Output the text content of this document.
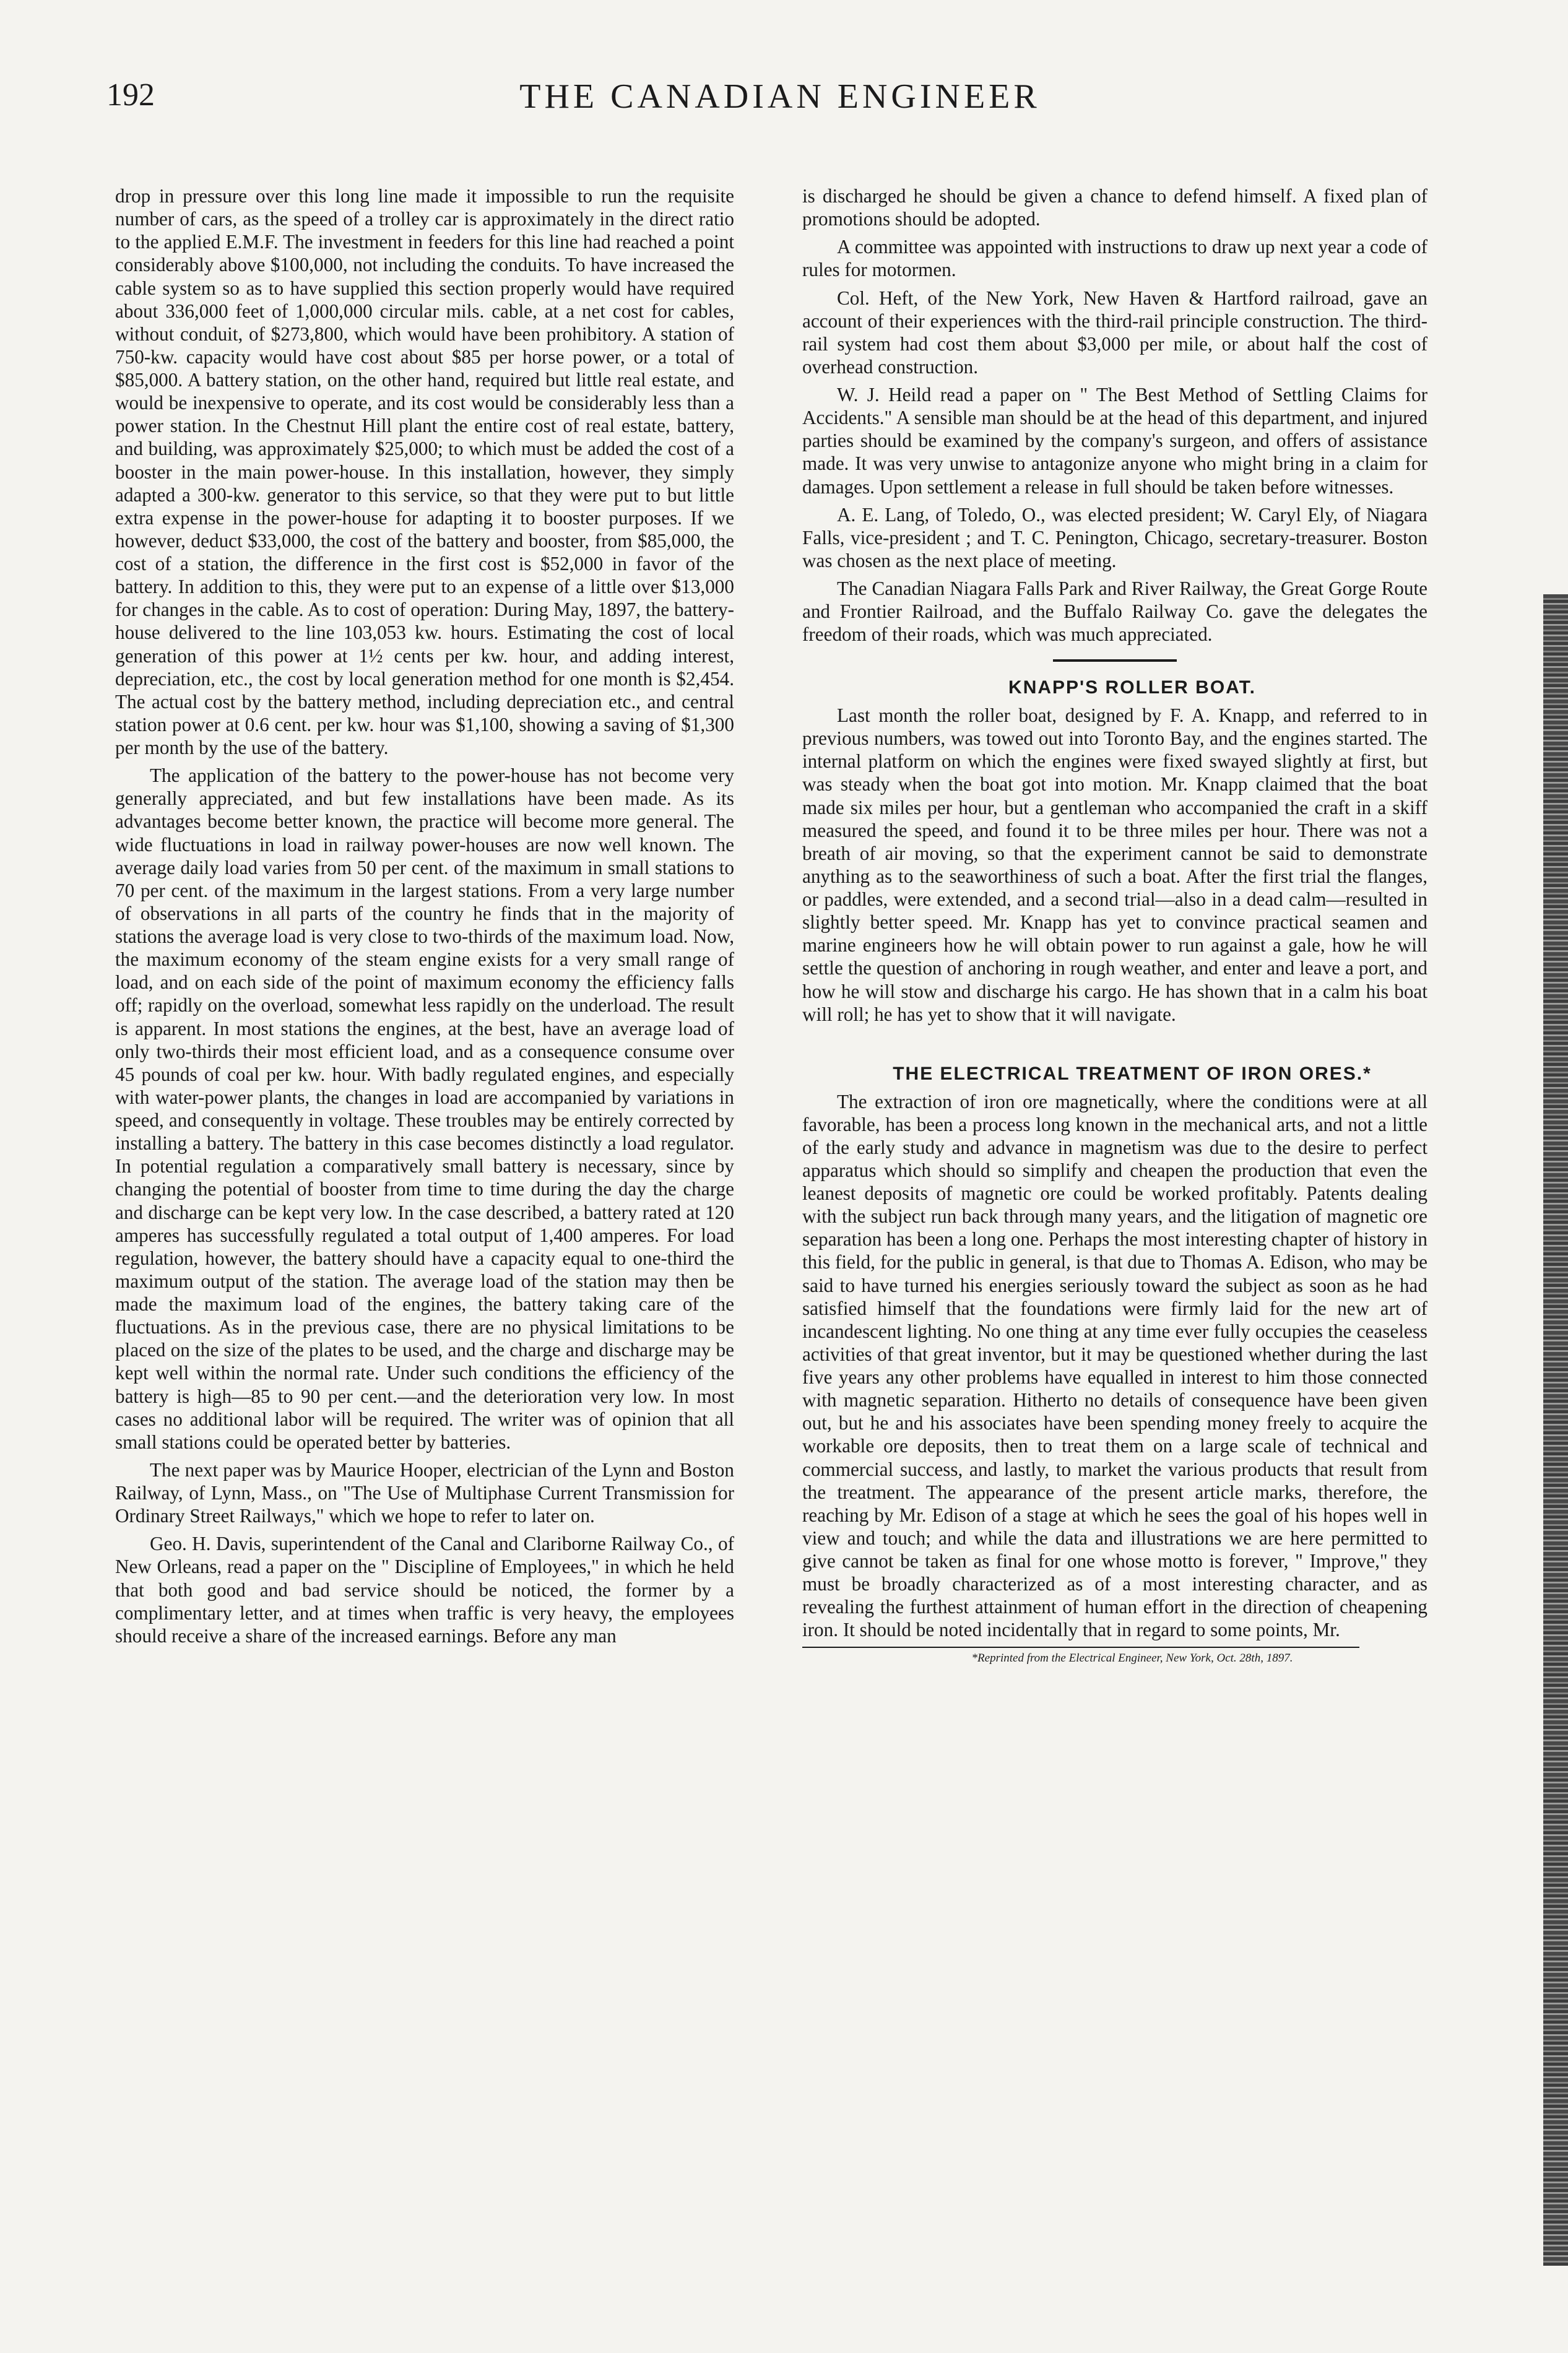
192	THE CANADIAN ENGINEER

drop in pressure over this long line made it impossible to run the requisite number of cars, as the speed of a trolley car is approximately in the direct ratio to the applied E.M.F. The investment in feeders for this line had reached a point considerably above $100,000, not including the conduits. To have increased the cable system so as to have supplied this section properly would have required about 336,000 feet of 1,000,000 circular mils. cable, at a net cost for cables, without conduit, of $273,800, which would have been prohibitory. A station of 750-kw. capacity would have cost about $85 per horse power, or a total of $85,000. A battery station, on the other hand, required but little real estate, and would be inexpensive to operate, and its cost would be considerably less than a power station. In the Chestnut Hill plant the entire cost of real estate, battery, and building, was approximately $25,000; to which must be added the cost of a booster in the main power-house. In this installation, however, they simply adapted a 300-kw. generator to this service, so that they were put to but little extra expense in the power-house for adapting it to booster purposes. If we however, deduct $33,000, the cost of the battery and booster, from $85,000, the cost of a station, the difference in the first cost is $52,000 in favor of the battery. In addition to this, they were put to an expense of a little over $13,000 for changes in the cable. As to cost of operation: During May, 1897, the battery-house delivered to the line 103,053 kw. hours. Estimating the cost of local generation of this power at 1½ cents per kw. hour, and adding interest, depreciation, etc., the cost by local generation method for one month is $2,454. The actual cost by the battery method, including depreciation etc., and central station power at 0.6 cent. per kw. hour was $1,100, showing a saving of $1,300 per month by the use of the battery.

The application of the battery to the power-house has not become very generally appreciated, and but few installations have been made. As its advantages become better known, the practice will become more general. The wide fluctuations in load in railway power-houses are now well known. The average daily load varies from 50 per cent. of the maximum in small stations to 70 per cent. of the maximum in the largest stations. From a very large number of observations in all parts of the country he finds that in the majority of stations the average load is very close to two-thirds of the maximum load. Now, the maximum economy of the steam engine exists for a very small range of load, and on each side of the point of maximum economy the efficiency falls off; rapidly on the overload, somewhat less rapidly on the underload. The result is apparent. In most stations the engines, at the best, have an average load of only two-thirds their most efficient load, and as a consequence consume over 45 pounds of coal per kw. hour. With badly regulated engines, and especially with water-power plants, the changes in load are accompanied by variations in speed, and consequently in voltage. These troubles may be entirely corrected by installing a battery. The battery in this case becomes distinctly a load regulator. In potential regulation a comparatively small battery is necessary, since by changing the potential of booster from time to time during the day the charge and discharge can be kept very low. In the case described, a battery rated at 120 amperes has successfully regulated a total output of 1,400 amperes. For load regulation, however, the battery should have a capacity equal to one-third the maximum output of the station. The average load of the station may then be made the maximum load of the engines, the battery taking care of the fluctuations. As in the previous case, there are no physical limitations to be placed on the size of the plates to be used, and the charge and discharge may be kept well within the normal rate. Under such conditions the efficiency of the battery is high—85 to 90 per cent.—and the deterioration very low. In most cases no additional labor will be required. The writer was of opinion that all small stations could be operated better by batteries.

The next paper was by Maurice Hooper, electrician of the Lynn and Boston Railway, of Lynn, Mass., on "The Use of Multiphase Current Transmission for Ordinary Street Railways," which we hope to refer to later on.

Geo. H. Davis, superintendent of the Canal and Clariborne Railway Co., of New Orleans, read a paper on the " Discipline of Employees," in which he held that both good and bad service should be noticed, the former by a complimentary letter, and at times when traffic is very heavy, the employees should receive a share of the increased earnings. Before any man

is discharged he should be given a chance to defend himself. A fixed plan of promotions should be adopted.

A committee was appointed with instructions to draw up next year a code of rules for motormen.

Col. Heft, of the New York, New Haven & Hartford railroad, gave an account of their experiences with the third-rail principle construction. The third-rail system had cost them about $3,000 per mile, or about half the cost of overhead construction.

W. J. Heild read a paper on " The Best Method of Settling Claims for Accidents." A sensible man should be at the head of this department, and injured parties should be examined by the company's surgeon, and offers of assistance made. It was very unwise to antagonize anyone who might bring in a claim for damages. Upon settlement a release in full should be taken before witnesses.

A. E. Lang, of Toledo, O., was elected president; W. Caryl Ely, of Niagara Falls, vice-president ; and T. C. Penington, Chicago, secretary-treasurer. Boston was chosen as the next place of meeting.

The Canadian Niagara Falls Park and River Railway, the Great Gorge Route and Frontier Railroad, and the Buffalo Railway Co. gave the delegates the freedom of their roads, which was much appreciated.

KNAPP'S ROLLER BOAT.

Last month the roller boat, designed by F. A. Knapp, and referred to in previous numbers, was towed out into Toronto Bay, and the engines started. The internal platform on which the engines were fixed swayed slightly at first, but was steady when the boat got into motion. Mr. Knapp claimed that the boat made six miles per hour, but a gentleman who accompanied the craft in a skiff measured the speed, and found it to be three miles per hour. There was not a breath of air moving, so that the experiment cannot be said to demonstrate anything as to the seaworthiness of such a boat. After the first trial the flanges, or paddles, were extended, and a second trial—also in a dead calm—resulted in slightly better speed. Mr. Knapp has yet to convince practical seamen and marine engineers how he will obtain power to run against a gale, how he will settle the question of anchoring in rough weather, and enter and leave a port, and how he will stow and discharge his cargo. He has shown that in a calm his boat will roll; he has yet to show that it will navigate.

THE ELECTRICAL TREATMENT OF IRON ORES.*

The extraction of iron ore magnetically, where the conditions were at all favorable, has been a process long known in the mechanical arts, and not a little of the early study and advance in magnetism was due to the desire to perfect apparatus which should so simplify and cheapen the production that even the leanest deposits of magnetic ore could be worked profitably. Patents dealing with the subject run back through many years, and the litigation of magnetic ore separation has been a long one. Perhaps the most interesting chapter of history in this field, for the public in general, is that due to Thomas A. Edison, who may be said to have turned his energies seriously toward the subject as soon as he had satisfied himself that the foundations were firmly laid for the new art of incandescent lighting. No one thing at any time ever fully occupies the ceaseless activities of that great inventor, but it may be questioned whether during the last five years any other problems have equalled in interest to him those connected with magnetic separation. Hitherto no details of consequence have been given out, but he and his associates have been spending money freely to acquire the workable ore deposits, then to treat them on a large scale of technical and commercial success, and lastly, to market the various products that result from the treatment. The appearance of the present article marks, therefore, the reaching by Mr. Edison of a stage at which he sees the goal of his hopes well in view and touch; and while the data and illustrations we are here permitted to give cannot be taken as final for one whose motto is forever, " Improve," they must be broadly characterized as of a most interesting character, and as revealing the furthest attainment of human effort in the direction of cheapening iron. It should be noted incidentally that in regard to some points, Mr.

*Reprinted from the Electrical Engineer, New York, Oct. 28th, 1897.
